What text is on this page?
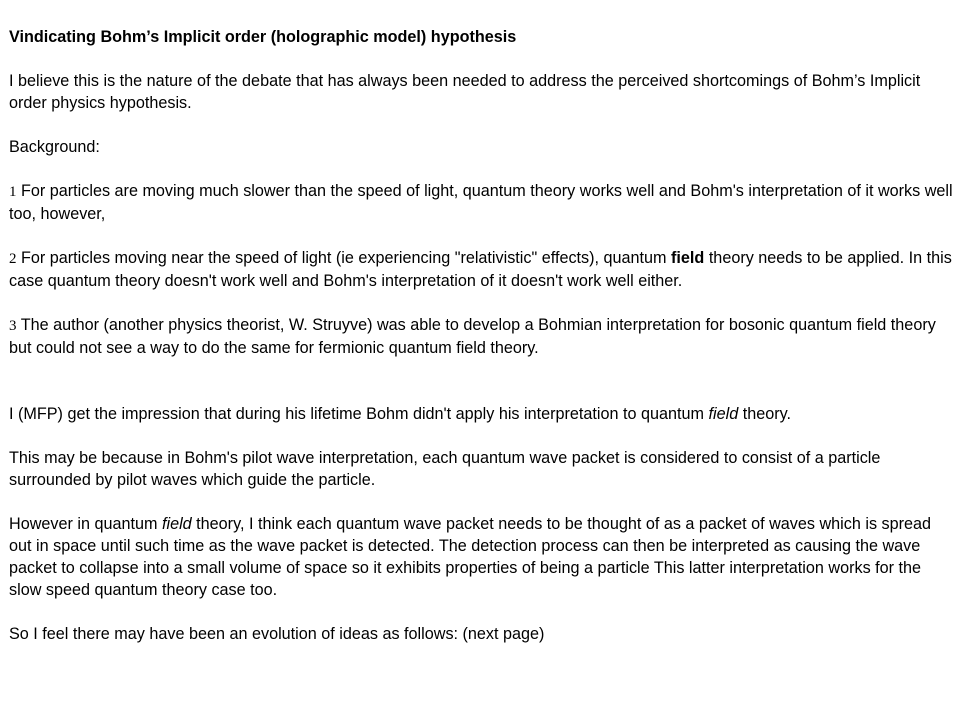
Vindicating Bohm’s Implicit order (holographic model) hypothesis

I believe this is the nature of the debate that has always been needed to address the perceived shortcomings of Bohm’s Implicit order physics hypothesis.

Background:

1 For particles are moving much slower than the speed of light, quantum theory works well and Bohm's interpretation of it works well too, however,

2 For particles moving near the speed of light (ie experiencing "relativistic" effects), quantum field theory needs to be applied. In this case quantum theory doesn't work well and Bohm's interpretation of it doesn't work well either.

3 The author (another physics theorist, W. Struyve) was able to develop a Bohmian interpretation for bosonic quantum field theory but could not see a way to do the same for fermionic quantum field theory.

I (MFP) get the impression that during his lifetime Bohm didn't apply his interpretation to quantum field theory.

This may be because in Bohm's pilot wave interpretation, each quantum wave packet is considered to consist of a particle surrounded by pilot waves which guide the particle.

However in quantum field theory, I think each quantum wave packet needs to be thought of as a packet of waves which is spread out in space until such time as the wave packet is detected. The detection process can then be interpreted as causing the wave packet to collapse into a small volume of space so it exhibits properties of being a particle This latter interpretation works for the slow speed quantum theory case too.

So I feel there may have been an evolution of ideas as follows: (next page)
